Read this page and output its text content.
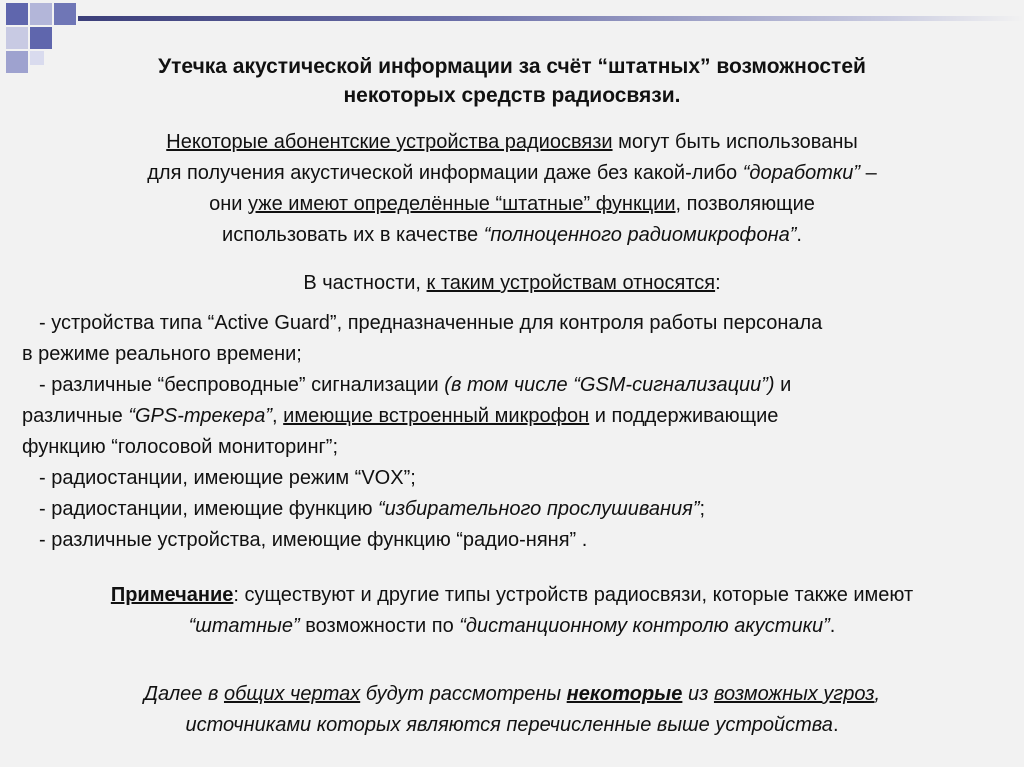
Утечка акустической информации за счёт “штатных” возможностей
некоторых средств радиосвязи.
Некоторые абонентские устройства радиосвязи могут быть использованы
для получения акустической информации даже без какой-либо “доработки” –
они уже имеют определённые “штатные” функции, позволяющие
использовать их в качестве “полноценного радиомикрофона”.
В частности, к таким устройствам относятся:
- устройства типа “Active Guard”, предназначенные для контроля работы персонала
в режиме реального времени;
- различные “беспроводные” сигнализации (в том числе “GSM-сигнализации”) и
различные “GPS-трекера”, имеющие встроенный микрофон и поддерживающие
функцию “голосовой мониторинг”;
- радиостанции, имеющие режим “VOX”;
- радиостанции, имеющие функцию “избирательного прослушивания”;
- различные устройства, имеющие функцию “радио-няня” .
Примечание: существуют и другие типы устройств радиосвязи, которые также имеют
“штатные” возможности по “дистанционному контролю акустики”.
Далее в общих чертах будут рассмотрены некоторые из возможных угроз,
источниками которых являются перечисленные выше устройства.
